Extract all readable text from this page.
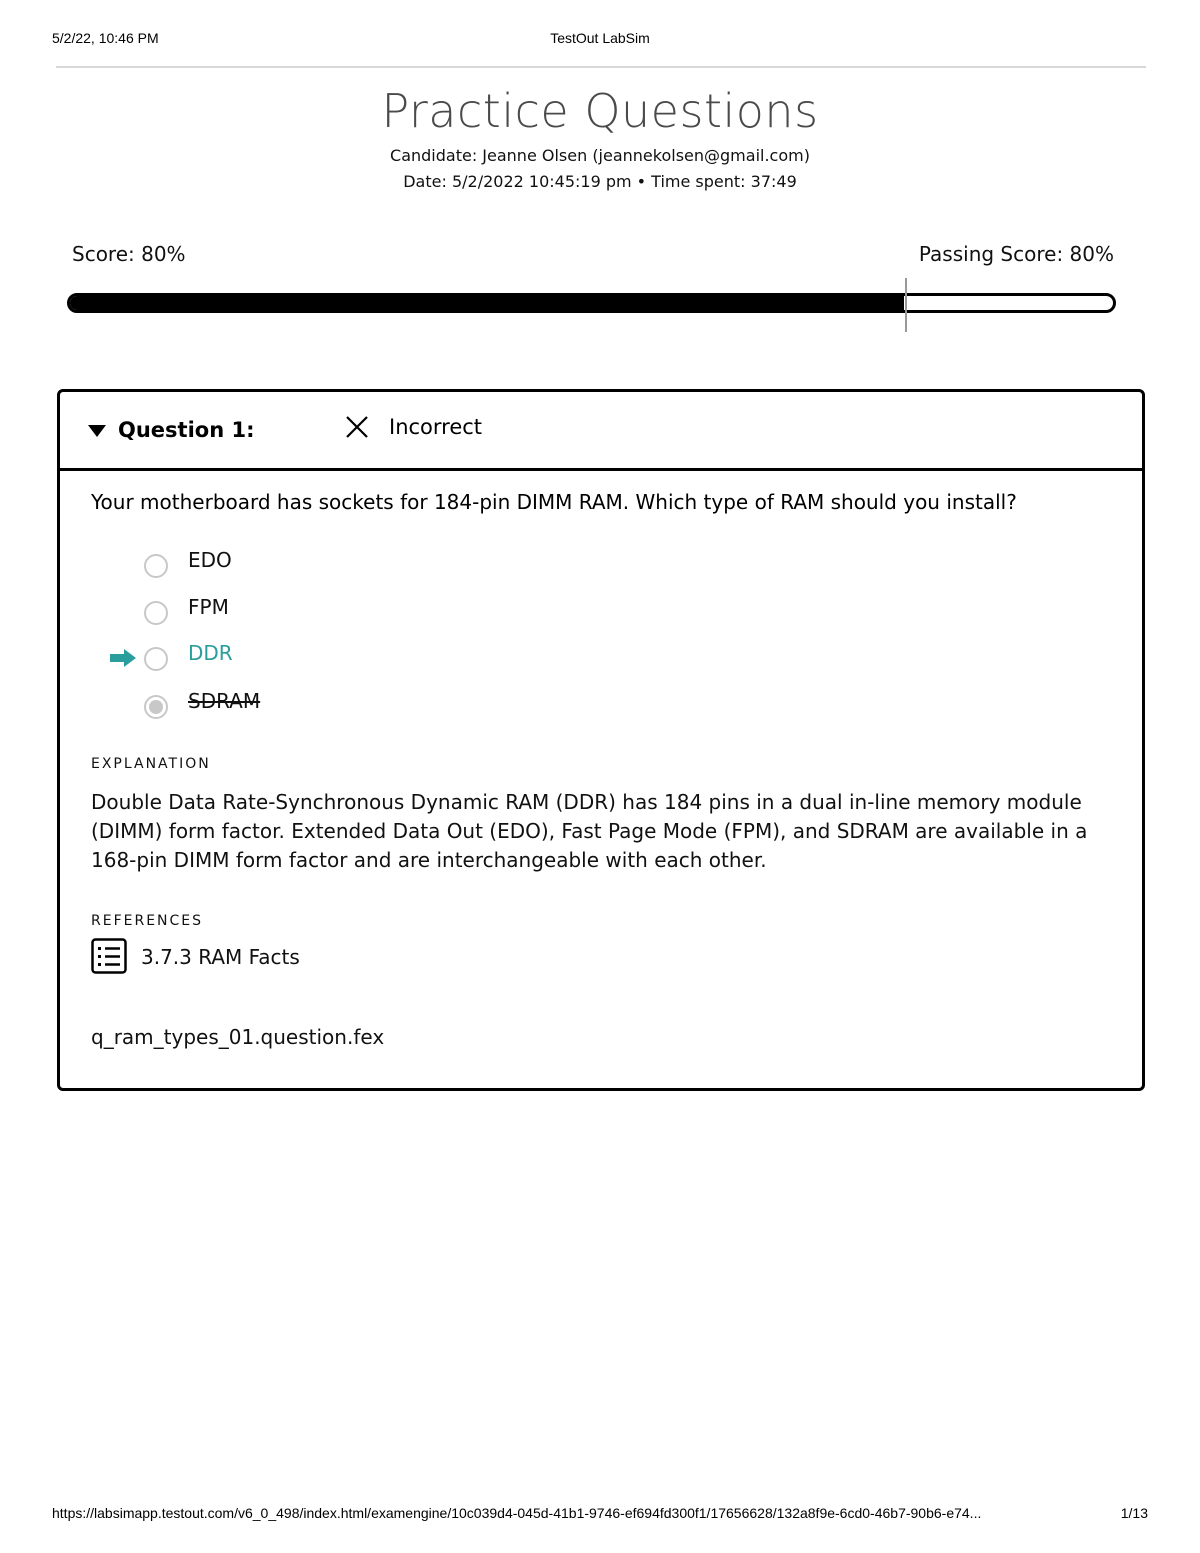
5/2/22, 10:46 PM	TestOut LabSim
Practice Questions
Candidate: Jeanne Olsen (jeannekolsen@gmail.com)
Date: 5/2/2022 10:45:19 pm • Time spent: 37:49
Score: 80%	Passing Score: 80%
Question 1:	Incorrect
Your motherboard has sockets for 184-pin DIMM RAM. Which type of RAM should you install?
EDO
FPM
DDR
SDRAM
EXPLANATION
Double Data Rate-Synchronous Dynamic RAM (DDR) has 184 pins in a dual in-line memory module (DIMM) form factor. Extended Data Out (EDO), Fast Page Mode (FPM), and SDRAM are available in a 168-pin DIMM form factor and are interchangeable with each other.
REFERENCES
3.7.3 RAM Facts
q_ram_types_01.question.fex
https://labsimapp.testout.com/v6_0_498/index.html/examengine/10c039d4-045d-41b1-9746-ef694fd300f1/17656628/132a8f9e-6cd0-46b7-90b6-e74...	1/13
